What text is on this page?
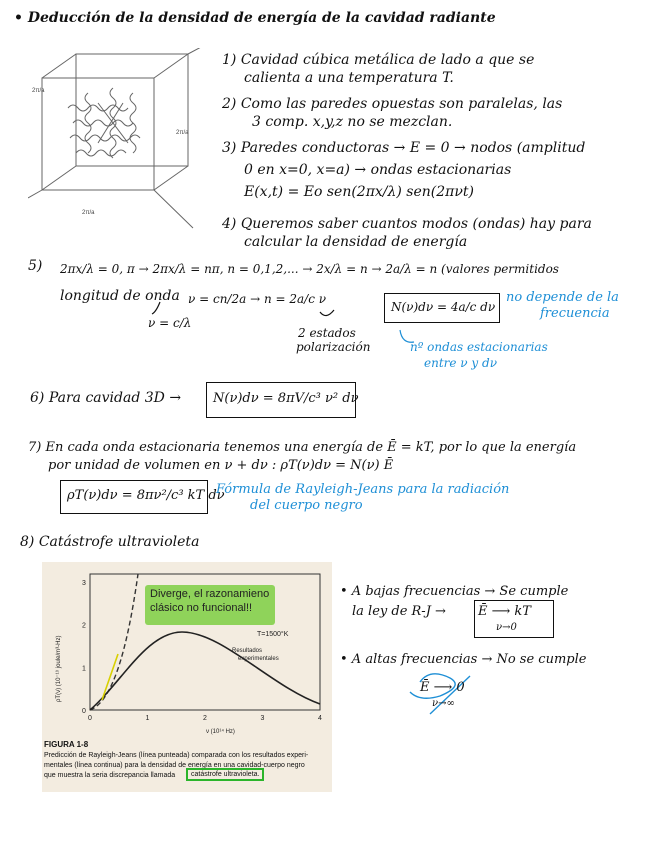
• Deducción de la densidad de energía de la cavidad radiante
2π/a
2π/a
2π/a
1) Cavidad cúbica metálica de lado a que se
calienta a una temperatura T.
2) Como las paredes opuestas son paralelas, las
3 comp. x,y,z no se mezclan.
3) Paredes conductoras → E = 0 → nodos (amplitud
0 en x=0, x=a) → ondas estacionarias
E(x,t) = Eo sen(2πx/λ) sen(2πνt)
4) Queremos saber cuantos modos (ondas) hay para
calcular la densidad de energía
5) 2πx/λ = 0, π → 2πx/λ = nπ, n = 0,1,2,... → 2x/λ = n → 2a/λ = n (valores permitidos
longitud de onda ν = cn/2a → n = 2a/c ν
ν = c/λ
N(ν)dν = 4a/c dν
no depende de la
frecuencia
2 estados
polarización	nº ondas estacionarias
entre ν y dν
6) Para cavidad 3D → N(ν)dν = 8πV/c³ ν² dν
7) En cada onda estacionaria tenemos una energía de Ē = kT, por lo que la energía
por unidad de volumen en ν + dν : ρT(ν)dν = N(ν) Ē
ρT(ν)dν = 8πν²/c³ kT dν
Fórmula de Rayleigh-Jeans para la radiación
del cuerpo negro
8) Catástrofe ultravioleta
0	1	2	3	4
0
1
2
3
T=1500°K
Resultados
experimentales
ν (10¹⁴ Hz)
ρT(ν) (10⁻¹⁹ joule/m³-Hz)
Diverge, el razonamieno clásico no funcional!!
FIGURA 1-8
Predicción de Rayleigh-Jeans (línea punteada) comparada con los resultados experi-
mentales (línea continua) para la densidad de energía en una cavidad-cuerpo negro
que muestra la seria discrepancia llamada	catástrofe ultravioleta.
• A bajas frecuencias → Se cumple
la ley de R-J → Ē ⟶ kT
ν→0
• A altas frecuencias → No se cumple
Ē ⟶ 0
ν→∞
